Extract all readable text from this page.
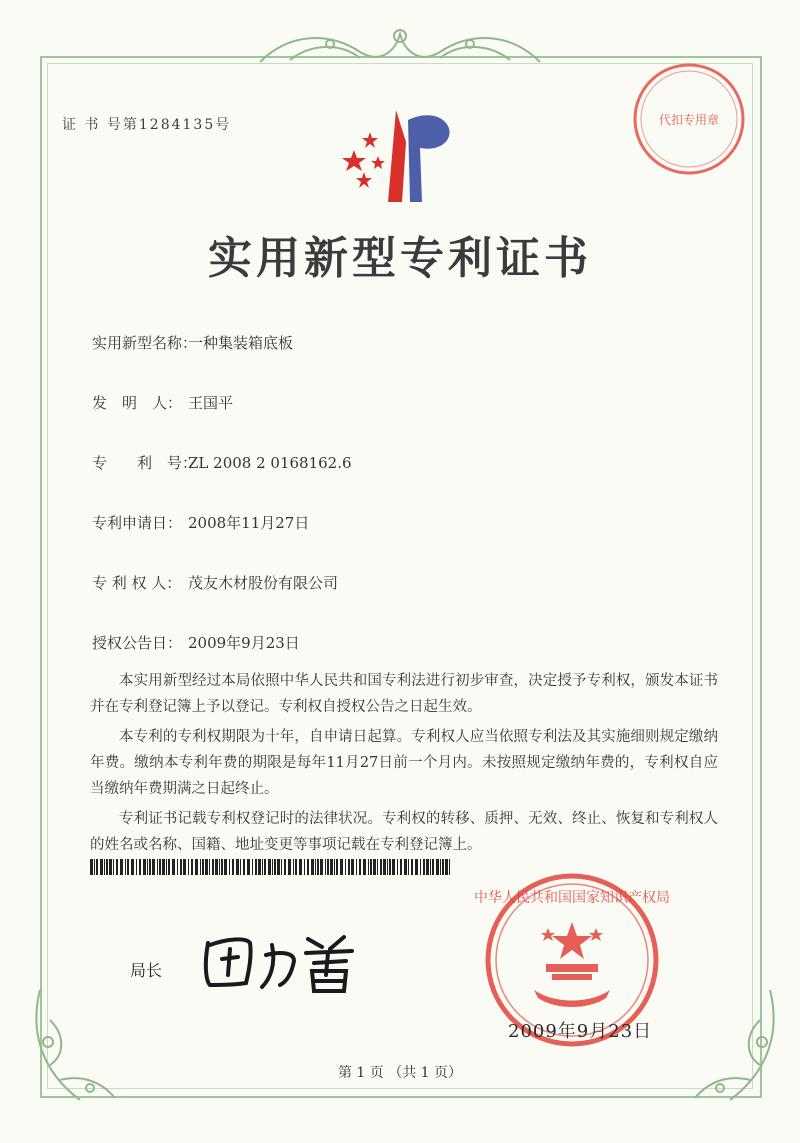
证 书 号第1284135号
实用新型专利证书
代扣专用章
实用新型名称：一种集装箱底板
发　明　人： 王国平
专　　利　号：ZL 2008 2 0168162.6
专利申请日： 2008年11月27日
专 利 权 人： 茂友木材股份有限公司
授权公告日： 2009年9月23日

本实用新型经过本局依照中华人民共和国专利法进行初步审查，决定授予专利权，颁发本证书并在专利登记簿上予以登记。专利权自授权公告之日起生效。

本专利的专利权期限为十年，自申请日起算。专利权人应当依照专利法及其实施细则规定缴纳年费。缴纳本专利年费的期限是每年11月27日前一个月内。未按照规定缴纳年费的，专利权自应当缴纳年费期满之日起终止。

专利证书记载专利权登记时的法律状况。专利权的转移、质押、无效、终止、恢复和专利权人的姓名或名称、国籍、地址变更等事项记载在专利登记簿上。

局长
中华人民共和国国家知识产权局
2009年9月23日
第 1 页 （共 1 页）
